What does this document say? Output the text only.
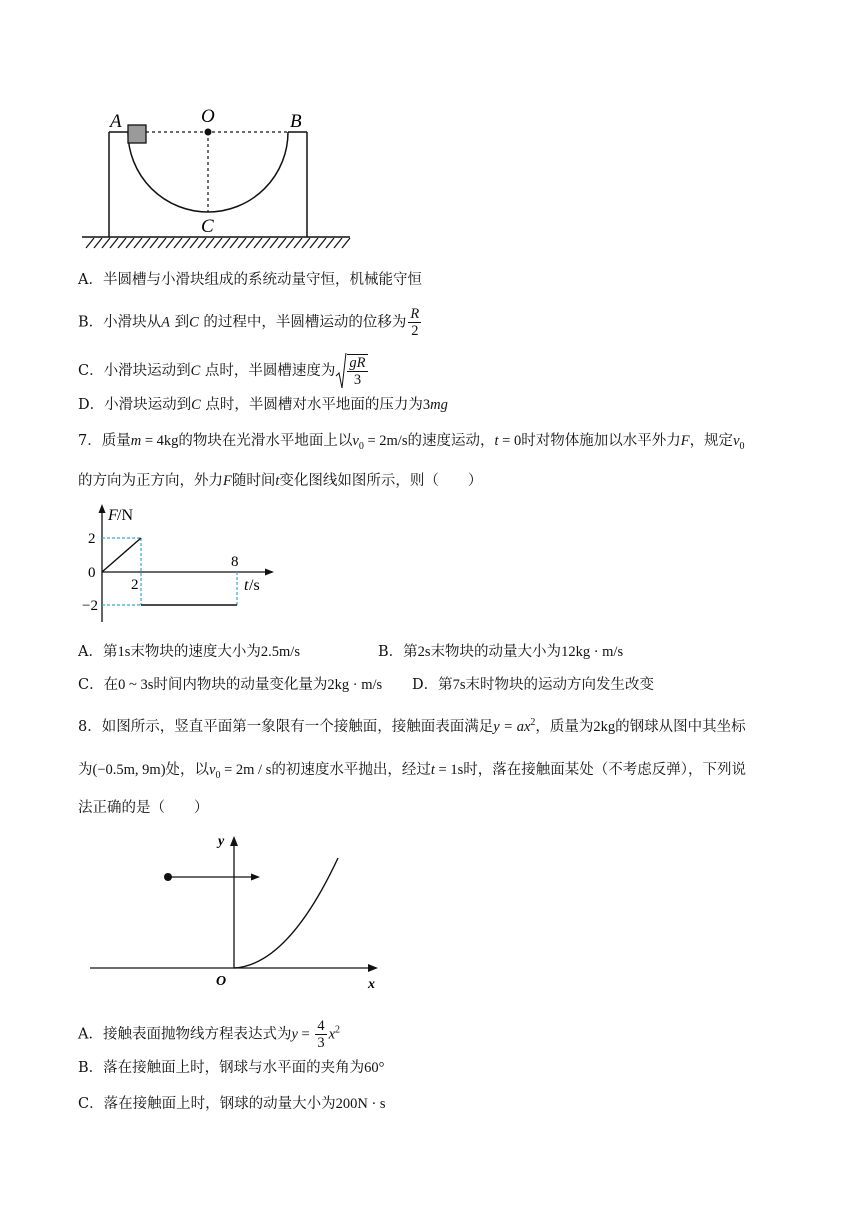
A	O	B
C
A．半圆槽与小滑块组成的系统动量守恒，机械能守恒
B．小滑块从A 到C 的过程中，半圆槽运动的位移为 $\frac{R}{2}$
C．小滑块运动到C 点时，半圆槽速度为 $\frac{gR}{3}$
D．小滑块运动到C 点时，半圆槽对水平地面的压力为3mg
7．质量m = 4kg的物块在光滑水平地面上以$v_0 = 2m/s$的速度运动，t = 0时对物体施加以水平外力F，规定$v_0$
的方向为正方向，外力F随时间t变化图线如图所示，则（　　）
F /N
2
0
−2
2
8
t /s
A．第1s末物块的速度大小为2.5m/s	B．第2s末物块的动量大小为12kg · m/s
C．在0 ~ 3s时间内物块的动量变化量为2kg · m/s D．第7s末时物块的运动方向发生改变
8．如图所示，竖直平面第一象限有一个接触面，接触面表面满足$y = ax^2$，质量为2kg的钢球从图中其坐标
为(−0.5m, 9m)处，以$v_0 = 2m / s$的初速度水平抛出，经过t = 1s时，落在接触面某处（不考虑反弹），下列说
法正确的是（　　）
y
O	x
A．接触表面抛物线方程表达式为$y = \frac{4}{3} x^2$
B．落在接触面上时，钢球与水平面的夹角为60°
C．落在接触面上时，钢球的动量大小为200N · s
